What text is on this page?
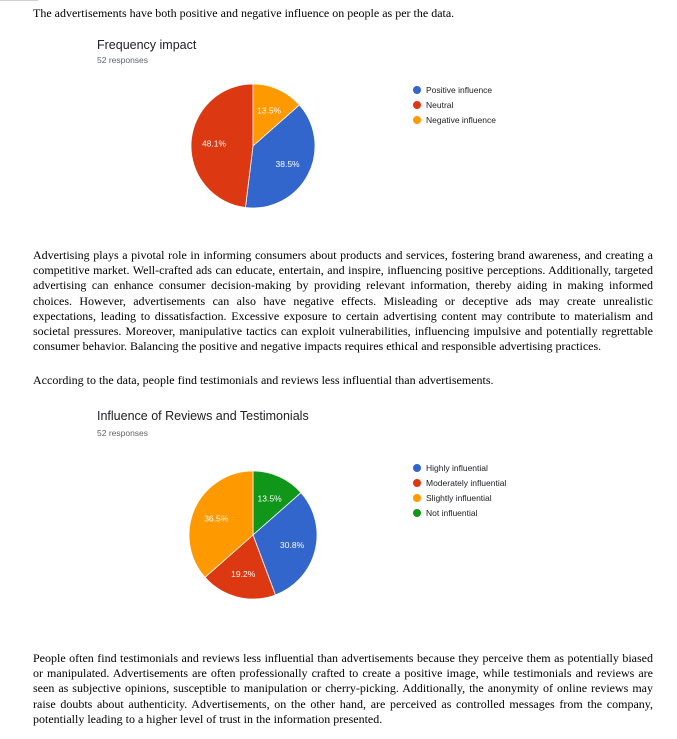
The advertisements have both positive and negative influence on people as per the data.

Frequency impact
52 responses
13.5%
38.5%
48.1%
Positive influence
Neutral
Negative influence

Advertising plays a pivotal role in informing consumers about products and services, fostering brand awareness, and creating a competitive market. Well-crafted ads can educate, entertain, and inspire, influencing positive perceptions. Additionally, targeted advertising can enhance consumer decision-making by providing relevant information, thereby aiding in making informed choices. However, advertisements can also have negative effects. Misleading or deceptive ads may create unrealistic expectations, leading to dissatisfaction. Excessive exposure to certain advertising content may contribute to materialism and societal pressures. Moreover, manipulative tactics can exploit vulnerabilities, influencing impulsive and potentially regrettable consumer behavior. Balancing the positive and negative impacts requires ethical and responsible advertising practices.

According to the data, people find testimonials and reviews less influential than advertisements.

Influence of Reviews and Testimonials
52 responses
13.5%
30.8%
19.2%
36.5%
Highly influential
Moderately influential
Slightly influential
Not influential

People often find testimonials and reviews less influential than advertisements because they perceive them as potentially biased or manipulated. Advertisements are often professionally crafted to create a positive image, while testimonials and reviews are seen as subjective opinions, susceptible to manipulation or cherry-picking. Additionally, the anonymity of online reviews may raise doubts about authenticity. Advertisements, on the other hand, are perceived as controlled messages from the company, potentially leading to a higher level of trust in the information presented.
